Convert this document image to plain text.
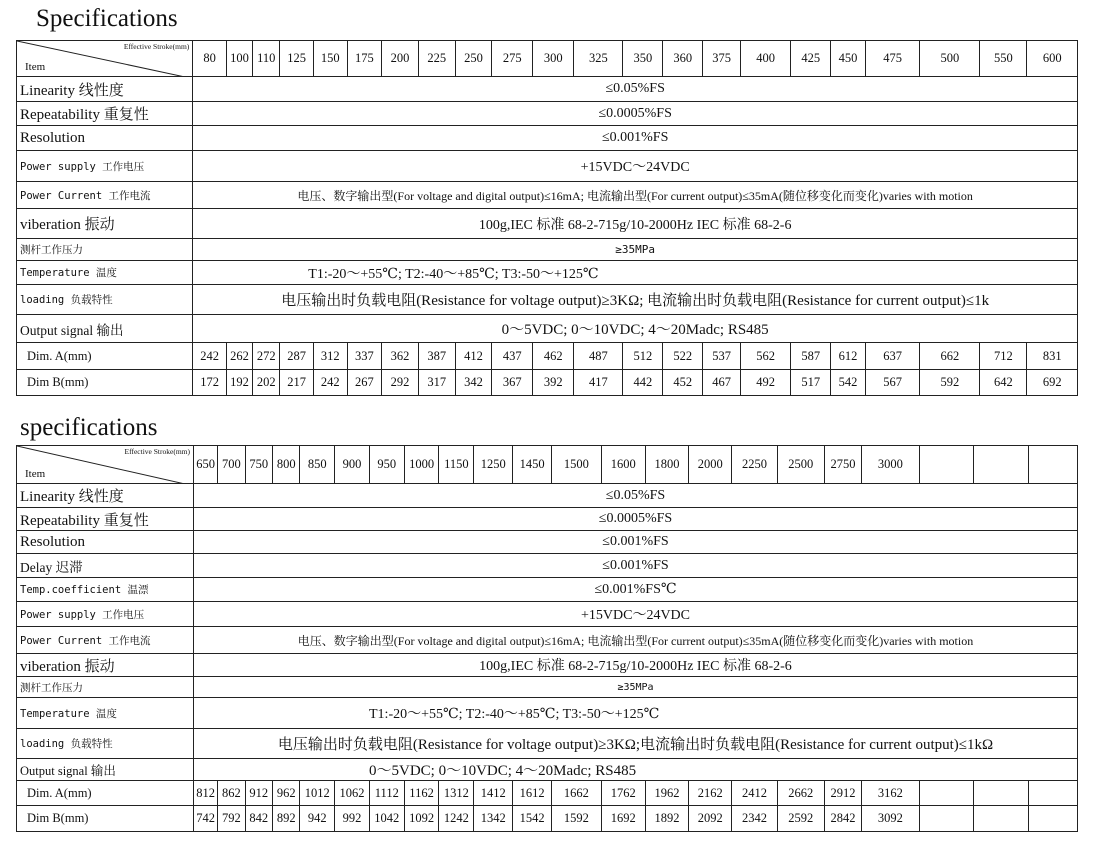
Specifications
Effective Stroke(mm)
Item	80	100	110	125	150	175	200	225	250	275	300	325	350	360	375	400	425	450	475	500	550	600
Linearity 线性度	≤0.05%FS																					
Repeatability 重复性	≤0.0005%FS																					
Resolution	≤0.001%FS																					
Power supply 工作电压	+15VDC～24VDC																					
Power Current 工作电流	电压、数字输出型(For voltage and digital output)≤16mA; 电流输出型(For current output)≤35mA(随位移变化而变化)varies with motion																					
viberation 振动	100g,IEC 标准 68-2-715g/10-2000Hz IEC 标准 68-2-6																					
测杆工作压力	≥35MPa																					
Temperature 温度	T1:-20～+55℃; T2:-40～+85℃; T3:-50～+125℃																					
loading 负载特性	电压输出时负载电阻(Resistance for voltage output)≥3KΩ; 电流输出时负载电阻(Resistance for current output)≤1k																					
Output signal 输出	0～5VDC; 0～10VDC; 4～20Madc; RS485																					
Dim. A(mm)	242	262	272	287	312	337	362	387	412	437	462	487	512	522	537	562	587	612	637	662	712	831
Dim B(mm)	172	192	202	217	242	267	292	317	342	367	392	417	442	452	467	492	517	542	567	592	642	692
specifications
Effective Stroke(mm)
Item	650	700	750	800	850	900	950	1000	1150	1250	1450	1500	1600	1800	2000	2250	2500	2750	3000			
Linearity 线性度	≤0.05%FS																					
Repeatability 重复性	≤0.0005%FS																					
Resolution	≤0.001%FS																					
Delay 迟滞	≤0.001%FS																					
Temp.coefficient 温漂	≤0.001%FS℃																					
Power supply 工作电压	+15VDC～24VDC																					
Power Current 工作电流	电压、数字输出型(For voltage and digital output)≤16mA; 电流输出型(For current output)≤35mA(随位移变化而变化)varies with motion																					
viberation 振动	100g,IEC 标准 68-2-715g/10-2000Hz IEC 标准 68-2-6																					
测杆工作压力	≥35MPa																					
Temperature 温度	T1:-20～+55℃; T2:-40～+85℃; T3:-50～+125℃																					
loading 负载特性	电压输出时负载电阻(Resistance for voltage output)≥3KΩ;电流输出时负载电阻(Resistance for current output)≤1kΩ																					
Output signal 输出	0～5VDC; 0～10VDC; 4～20Madc; RS485																					
Dim. A(mm)	812	862	912	962	1012	1062	1112	1162	1312	1412	1612	1662	1762	1962	2162	2412	2662	2912	3162			
Dim B(mm)	742	792	842	892	942	992	1042	1092	1242	1342	1542	1592	1692	1892	2092	2342	2592	2842	3092			
